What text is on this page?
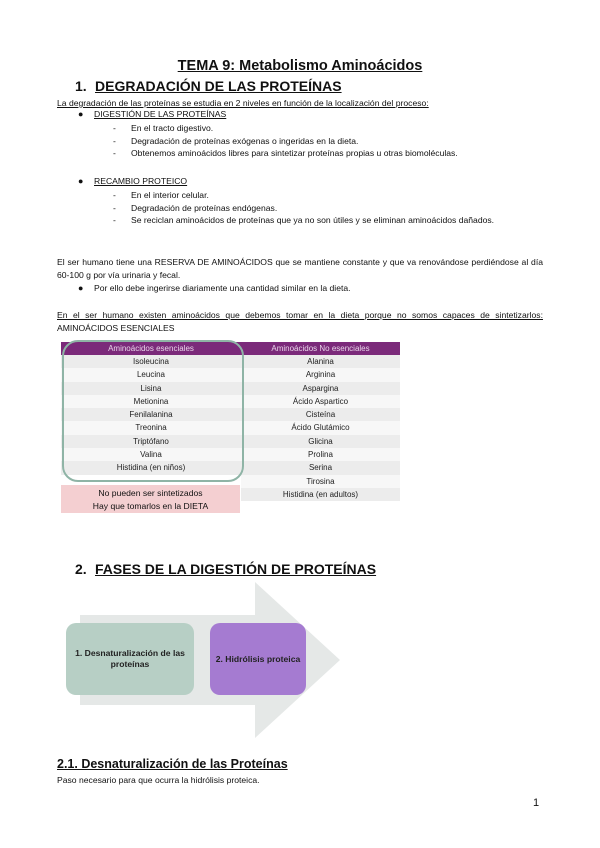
TEMA 9: Metabolismo Aminoácidos
1. DEGRADACIÓN DE LAS PROTEÍNAS
La degradación de las proteínas se estudia en 2 niveles en función de la localización del proceso:
● DIGESTIÓN DE LAS PROTEÍNAS
- En el tracto digestivo.
- Degradación de proteínas exógenas o ingeridas en la dieta.
- Obtenemos aminoácidos libres para sintetizar proteínas propias u otras biomoléculas.
● RECAMBIO PROTEICO
- En el interior celular.
- Degradación de proteínas endógenas.
- Se reciclan aminoácidos de proteínas que ya no son útiles y se eliminan aminoácidos dañados.
El ser humano tiene una RESERVA DE AMINOÁCIDOS que se mantiene constante y que va renovándose perdiéndose al día 60-100 g por vía urinaria y fecal.
● Por ello debe ingerirse diariamente una cantidad similar en la dieta.
En el ser humano existen aminoácidos que debemos tomar en la dieta porque no somos capaces de sintetizarlos: AMINOÁCIDOS ESENCIALES
Aminoácidos esenciales
Isoleucina
Leucina
Lisina
Metionina
Fenilalanina
Treonina
Triptófano
Valina
Histidina (en niños)
Aminoácidos No esenciales
Alanina
Arginina
Aspargina
Ácido Aspartico
Cisteína
Ácido Glutámico
Glicina
Prolina
Serina
Tirosina
Histidina (en adultos)
No pueden ser sintetizados
Hay que tomarlos en la DIETA
2. FASES DE LA DIGESTIÓN DE PROTEÍNAS
1. Desnaturalización de las proteínas
2. Hidrólisis proteica
2.1. Desnaturalización de las Proteínas
Paso necesario para que ocurra la hidrólisis proteica.
1
